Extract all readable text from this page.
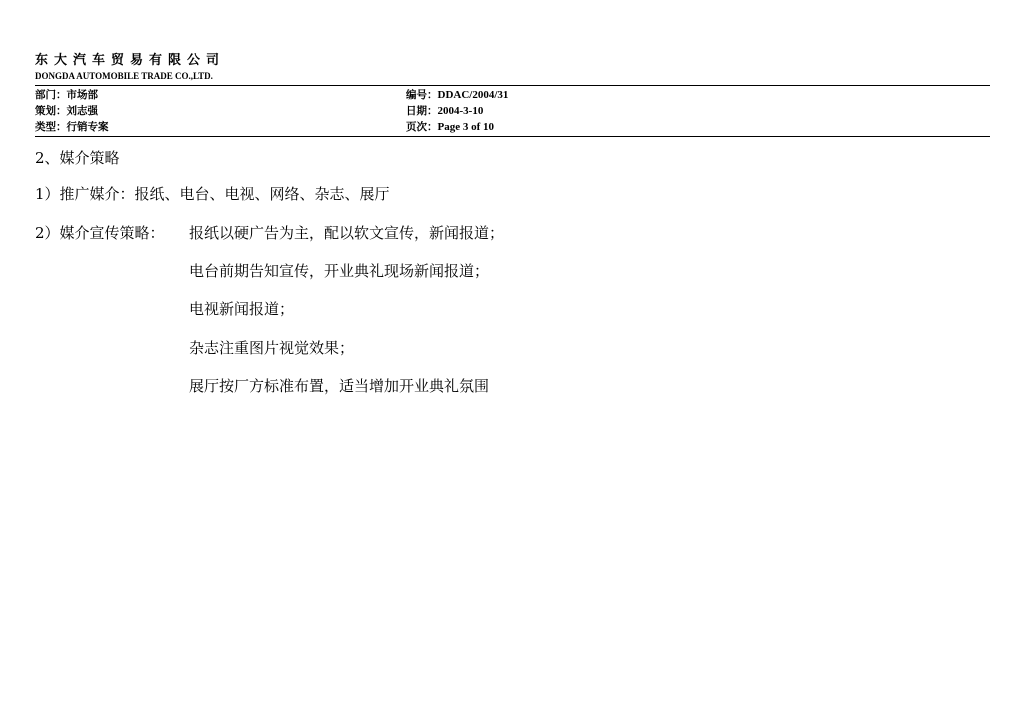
东大汽车贸易有限公司
DONGDA AUTOMOBILE TRADE CO.,LTD.
部门：市场部
策划：刘志强
类型：行销专案
编号：DDAC/2004/31
日期：2004-3-10
页次：Page 3 of 10
2、媒介策略
1）推广媒介：报纸、电台、电视、网络、杂志、展厅
2）媒介宣传策略： 报纸以硬广告为主，配以软文宣传，新闻报道；
电台前期告知宣传，开业典礼现场新闻报道；
电视新闻报道；
杂志注重图片视觉效果；
展厅按厂方标准布置，适当增加开业典礼氛围
